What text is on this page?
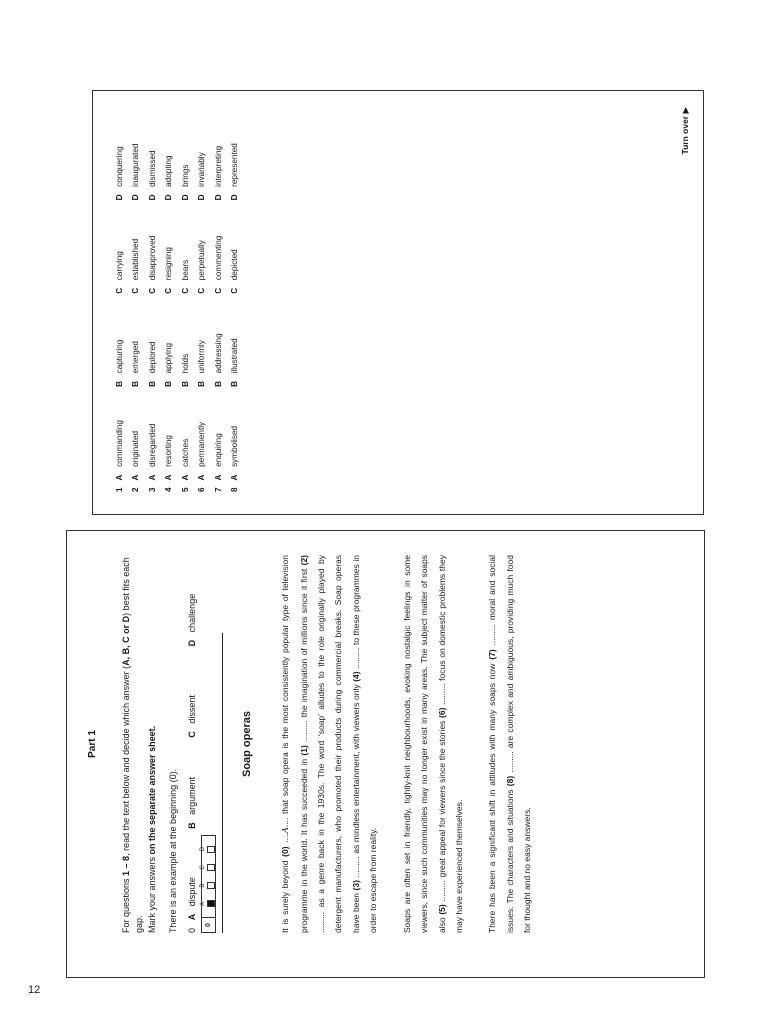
12
Part 1

For questions 1 – 8, read the text below and decide which answer (A, B, C or D) best fits each gap. Mark your answers on the separate answer sheet. There is an example at the beginning (0). 0
A
dispute
B
argument
C
dissent
D
challenge
0
A
B
C
D
Soap operas

It is surely beyond (0) ....A.... that soap opera is the most consistently popular type of television programme in the world. It has succeeded in (1) ......... the imagination of millions since it first (2) ......... as a genre back in the 1930s. The word ‘soap’ alludes to the role originally played by detergent manufacturers, who promoted their products during commercial breaks. Soap operas have been (3) ......... as mindless entertainment, with viewers only (4) ......... to these programmes in order to escape from reality.	Soaps are often set in friendly, tightly-knit neighbourhoods, evoking nostalgic feelings in some viewers, since such communities may no longer exist in many areas. The subject matter of soaps also (5) ......... great appeal for viewers since the stories (6) ......... focus on domestic problems they may have experienced themselves.	There has been a significant shift in attitudes with many soaps now (7) ......... moral and social issues. The characters and situations (8) ......... are complex and ambiguous, providing much food for thought and no easy answers.

1	A	commanding	B	capturing	C	carrying	D	conquering
2	A	originated	B	emerged	C	established	D	inaugurated
3	A	disregarded	B	deplored	C	disapproved	D	dismissed
4	A	resorting	B	applying	C	resigning	D	adopting
5	A	catches	B	holds	C	bears	D	brings
6	A	permanently	B	uniformly	C	perpetually	D	invariably
7	A	enquiring	B	addressing	C	commenting	D	interpreting
8	A	symbolised	B	illustrated	C	depicted	D	represented
Turn over ▶
